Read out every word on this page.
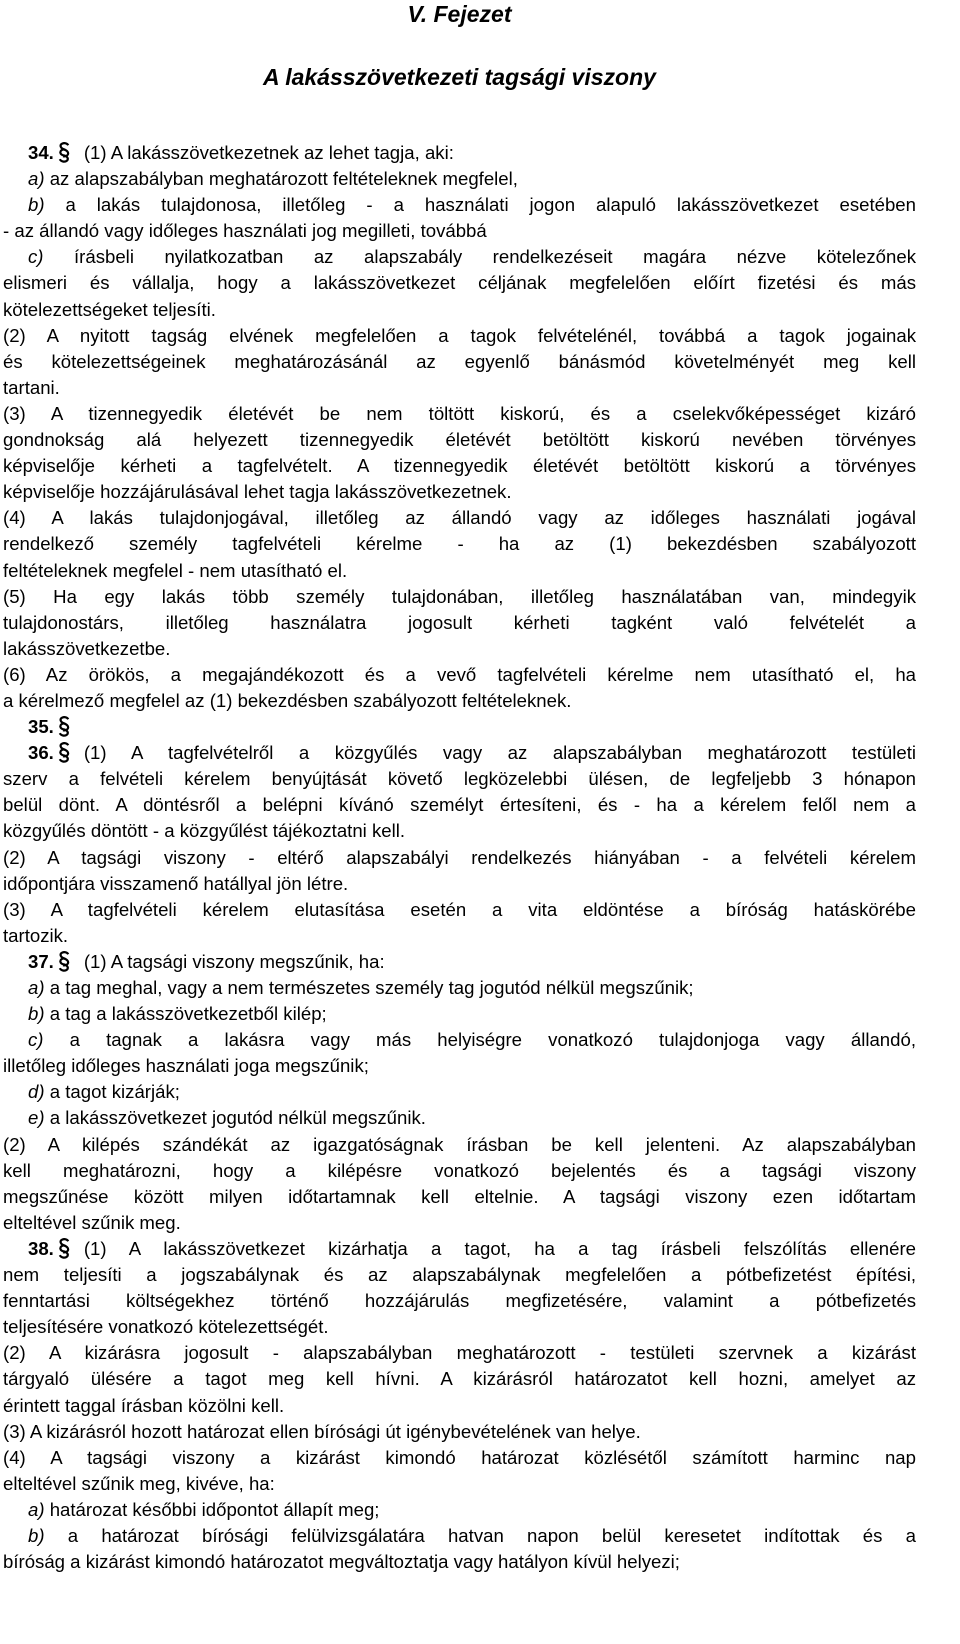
V. Fejezet
A lakásszövetkezeti tagsági viszony
34. (1) A lakásszövetkezetnek az lehet tagja, aki:
a) az alapszabályban meghatározott feltételeknek megfelel,
b) a lakás tulajdonosa, illetőleg - a használati jogon alapuló lakásszövetkezet esetében
- az állandó vagy időleges használati jog megilleti, továbbá
c) írásbeli nyilatkozatban az alapszabály rendelkezéseit magára nézve kötelezőnek
elismeri és vállalja, hogy a lakásszövetkezet céljának megfelelően előírt fizetési és más
kötelezettségeket teljesíti.
(2) A nyitott tagság elvének megfelelően a tagok felvételénél, továbbá a tagok jogainak
és kötelezettségeinek meghatározásánál az egyenlő bánásmód követelményét meg kell
tartani.
(3) A tizennegyedik életévét be nem töltött kiskorú, és a cselekvőképességet kizáró
gondnokság alá helyezett tizennegyedik életévét betöltött kiskorú nevében törvényes
képviselője kérheti a tagfelvételt. A tizennegyedik életévét betöltött kiskorú a törvényes
képviselője hozzájárulásával lehet tagja lakásszövetkezetnek.
(4) A lakás tulajdonjogával, illetőleg az állandó vagy az időleges használati jogával
rendelkező személy tagfelvételi kérelme - ha az (1) bekezdésben szabályozott
feltételeknek megfelel - nem utasítható el.
(5) Ha egy lakás több személy tulajdonában, illetőleg használatában van, mindegyik
tulajdonostárs, illetőleg használatra jogosult kérheti tagként való felvételét a
lakásszövetkezetbe.
(6) Az örökös, a megajándékozott és a vevő tagfelvételi kérelme nem utasítható el, ha
a kérelmező megfelel az (1) bekezdésben szabályozott feltételeknek.
35.
36. (1) A tagfelvételről a közgyűlés vagy az alapszabályban meghatározott testületi
szerv a felvételi kérelem benyújtását követő legközelebbi ülésen, de legfeljebb 3 hónapon
belül dönt. A döntésről a belépni kívánó személyt értesíteni, és - ha a kérelem felől nem a
közgyűlés döntött - a közgyűlést tájékoztatni kell.
(2) A tagsági viszony - eltérő alapszabályi rendelkezés hiányában - a felvételi kérelem
időpontjára visszamenő hatállyal jön létre.
(3) A tagfelvételi kérelem elutasítása esetén a vita eldöntése a bíróság hatáskörébe
tartozik.
37. (1) A tagsági viszony megszűnik, ha:
a) a tag meghal, vagy a nem természetes személy tag jogutód nélkül megszűnik;
b) a tag a lakásszövetkezetből kilép;
c) a tagnak a lakásra vagy más helyiségre vonatkozó tulajdonjoga vagy állandó,
illetőleg időleges használati joga megszűnik;
d) a tagot kizárják;
e) a lakásszövetkezet jogutód nélkül megszűnik.
(2) A kilépés szándékát az igazgatóságnak írásban be kell jelenteni. Az alapszabályban
kell meghatározni, hogy a kilépésre vonatkozó bejelentés és a tagsági viszony
megszűnése között milyen időtartamnak kell eltelnie. A tagsági viszony ezen időtartam
elteltével szűnik meg.
38. (1) A lakásszövetkezet kizárhatja a tagot, ha a tag írásbeli felszólítás ellenére
nem teljesíti a jogszabálynak és az alapszabálynak megfelelően a pótbefizetést építési,
fenntartási költségekhez történő hozzájárulás megfizetésére, valamint a pótbefizetés
teljesítésére vonatkozó kötelezettségét.
(2) A kizárásra jogosult - alapszabályban meghatározott - testületi szervnek a kizárást
tárgyaló ülésére a tagot meg kell hívni. A kizárásról határozatot kell hozni, amelyet az
érintett taggal írásban közölni kell.
(3) A kizárásról hozott határozat ellen bírósági út igénybevételének van helye.
(4) A tagsági viszony a kizárást kimondó határozat közlésétől számított harminc nap
elteltével szűnik meg, kivéve, ha:
a) határozat későbbi időpontot állapít meg;
b) a határozat bírósági felülvizsgálatára hatvan napon belül keresetet indítottak és a
bíróság a kizárást kimondó határozatot megváltoztatja vagy hatályon kívül helyezi;
